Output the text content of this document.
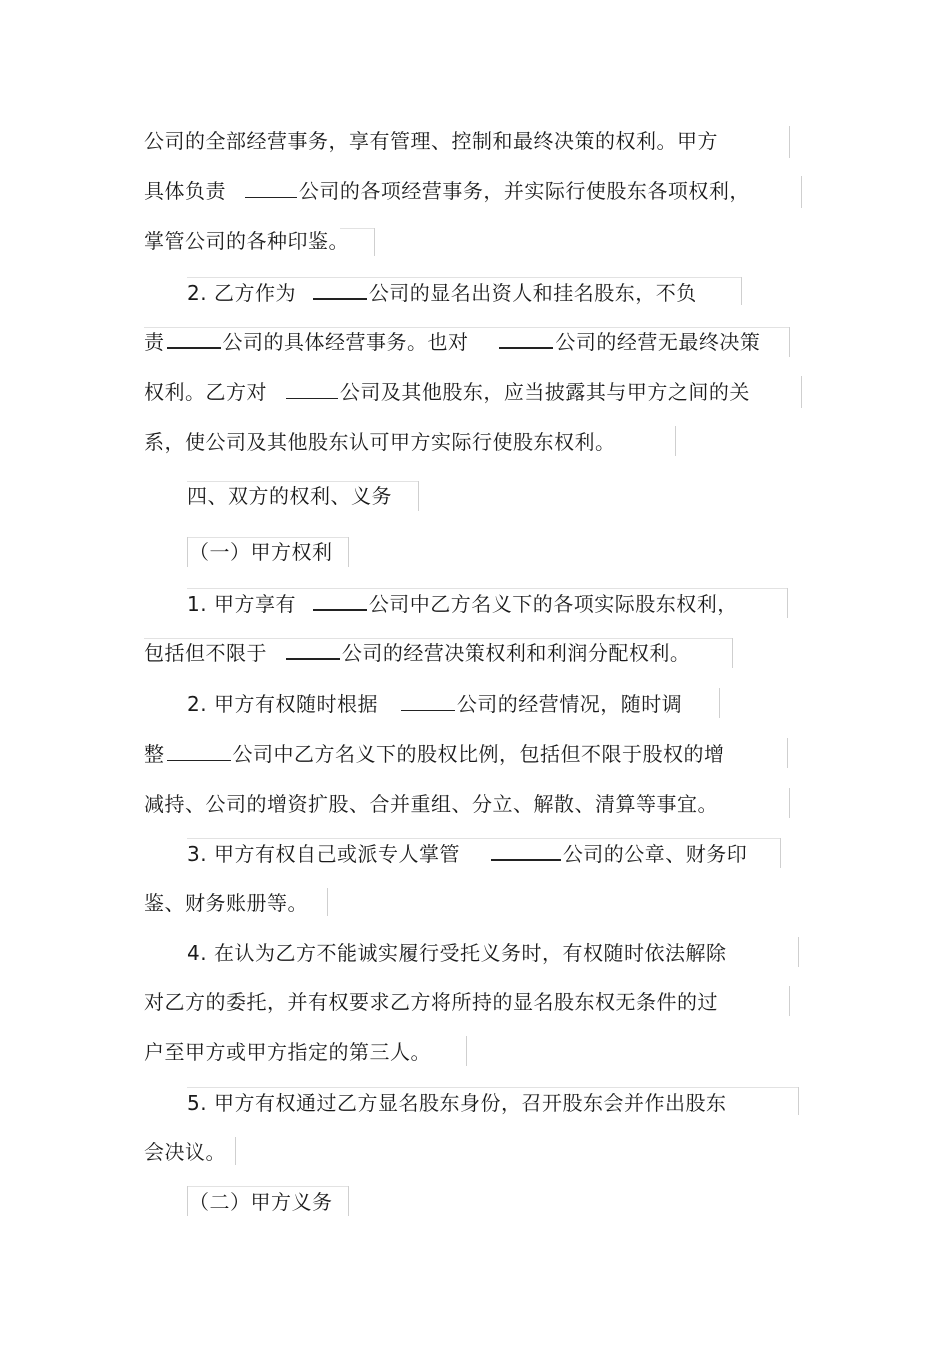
公司的全部经营事务，享有管理、控制和最终决策的权利。甲方
具体负责	公司的各项经营事务，并实际行使股东各项权利，
掌管公司的各种印鉴。
2. 乙方作为	公司的显名出资人和挂名股东，不负
责	公司的具体经营事务。也对	公司的经营无最终决策
权利。乙方对	公司及其他股东，应当披露其与甲方之间的关
系，使公司及其他股东认可甲方实际行使股东权利。
四、双方的权利、义务
（一）甲方权利
1. 甲方享有	公司中乙方名义下的各项实际股东权利，
包括但不限于	公司的经营决策权利和利润分配权利。
2. 甲方有权随时根据	公司的经营情况，随时调
整	公司中乙方名义下的股权比例，包括但不限于股权的增
减持、公司的增资扩股、合并重组、分立、解散、清算等事宜。
3. 甲方有权自己或派专人掌管	公司的公章、财务印
鉴、财务账册等。
4. 在认为乙方不能诚实履行受托义务时，有权随时依法解除
对乙方的委托，并有权要求乙方将所持的显名股东权无条件的过
户至甲方或甲方指定的第三人。
5. 甲方有权通过乙方显名股东身份，召开股东会并作出股东
会决议。
（二）甲方义务
